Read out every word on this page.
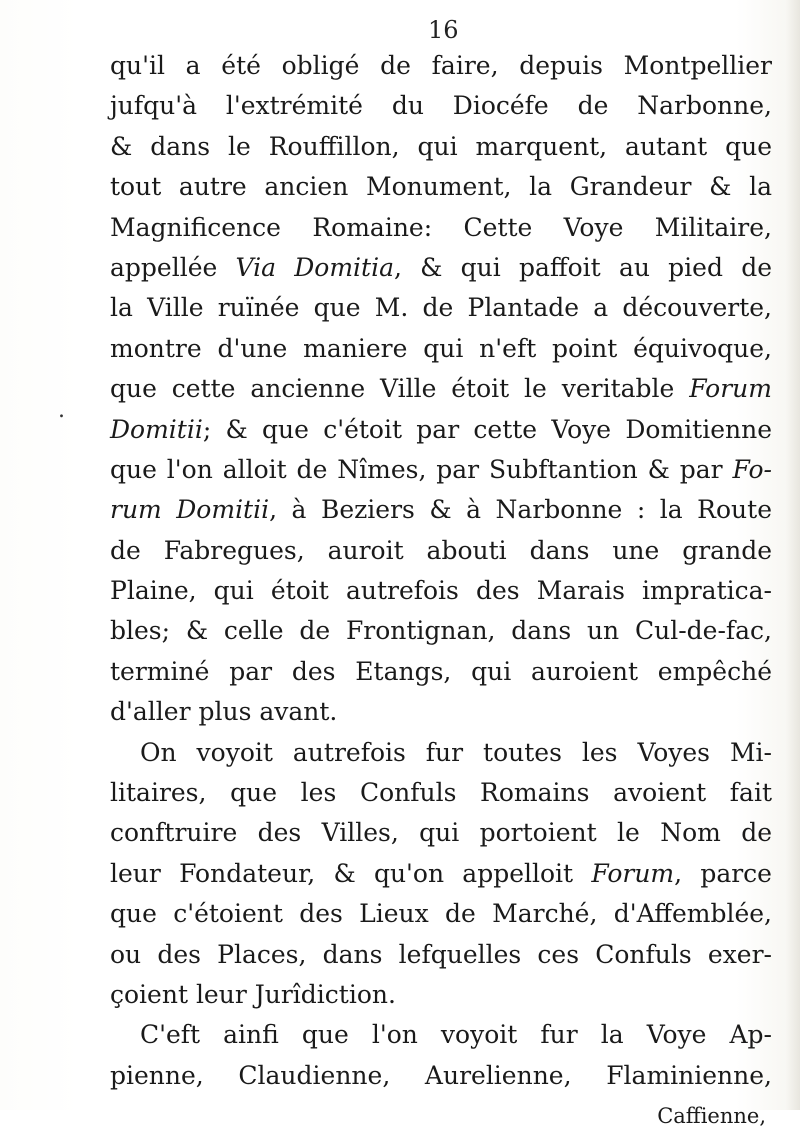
16
.
qu'il a été obligé de faire, depuis Montpellier
jufqu'à l'extrémité du Diocéfe de Narbonne,
& dans le Rouffillon, qui marquent, autant que
tout autre ancien Monument, la Grandeur & la
Magnificence Romaine: Cette Voye Militaire,
appellée Via Domitia, & qui paffoit au pied de
la Ville ruïnée que M. de Plantade a découverte,
montre d'une maniere qui n'eft point équivoque,
que cette ancienne Ville étoit le veritable Forum
Domitii; & que c'étoit par cette Voye Domitienne
que l'on alloit de Nîmes, par Subftantion & par Fo-
rum Domitii, à Beziers & à Narbonne : la Route
de Fabregues, auroit abouti dans une grande
Plaine, qui étoit autrefois des Marais impratica-
bles; & celle de Frontignan, dans un Cul-de-fac,
terminé par des Etangs, qui auroient empêché
d'aller plus avant.
On voyoit autrefois fur toutes les Voyes Mi-
litaires, que les Confuls Romains avoient fait
conftruire des Villes, qui portoient le Nom de
leur Fondateur, & qu'on appelloit Forum, parce
que c'étoient des Lieux de Marché, d'Affemblée,
ou des Places, dans lefquelles ces Confuls exer-
çoient leur Jurîdiction.
C'eft ainfi que l'on voyoit fur la Voye Ap-
pienne, Claudienne, Aurelienne, Flaminienne,
Caffienne,
